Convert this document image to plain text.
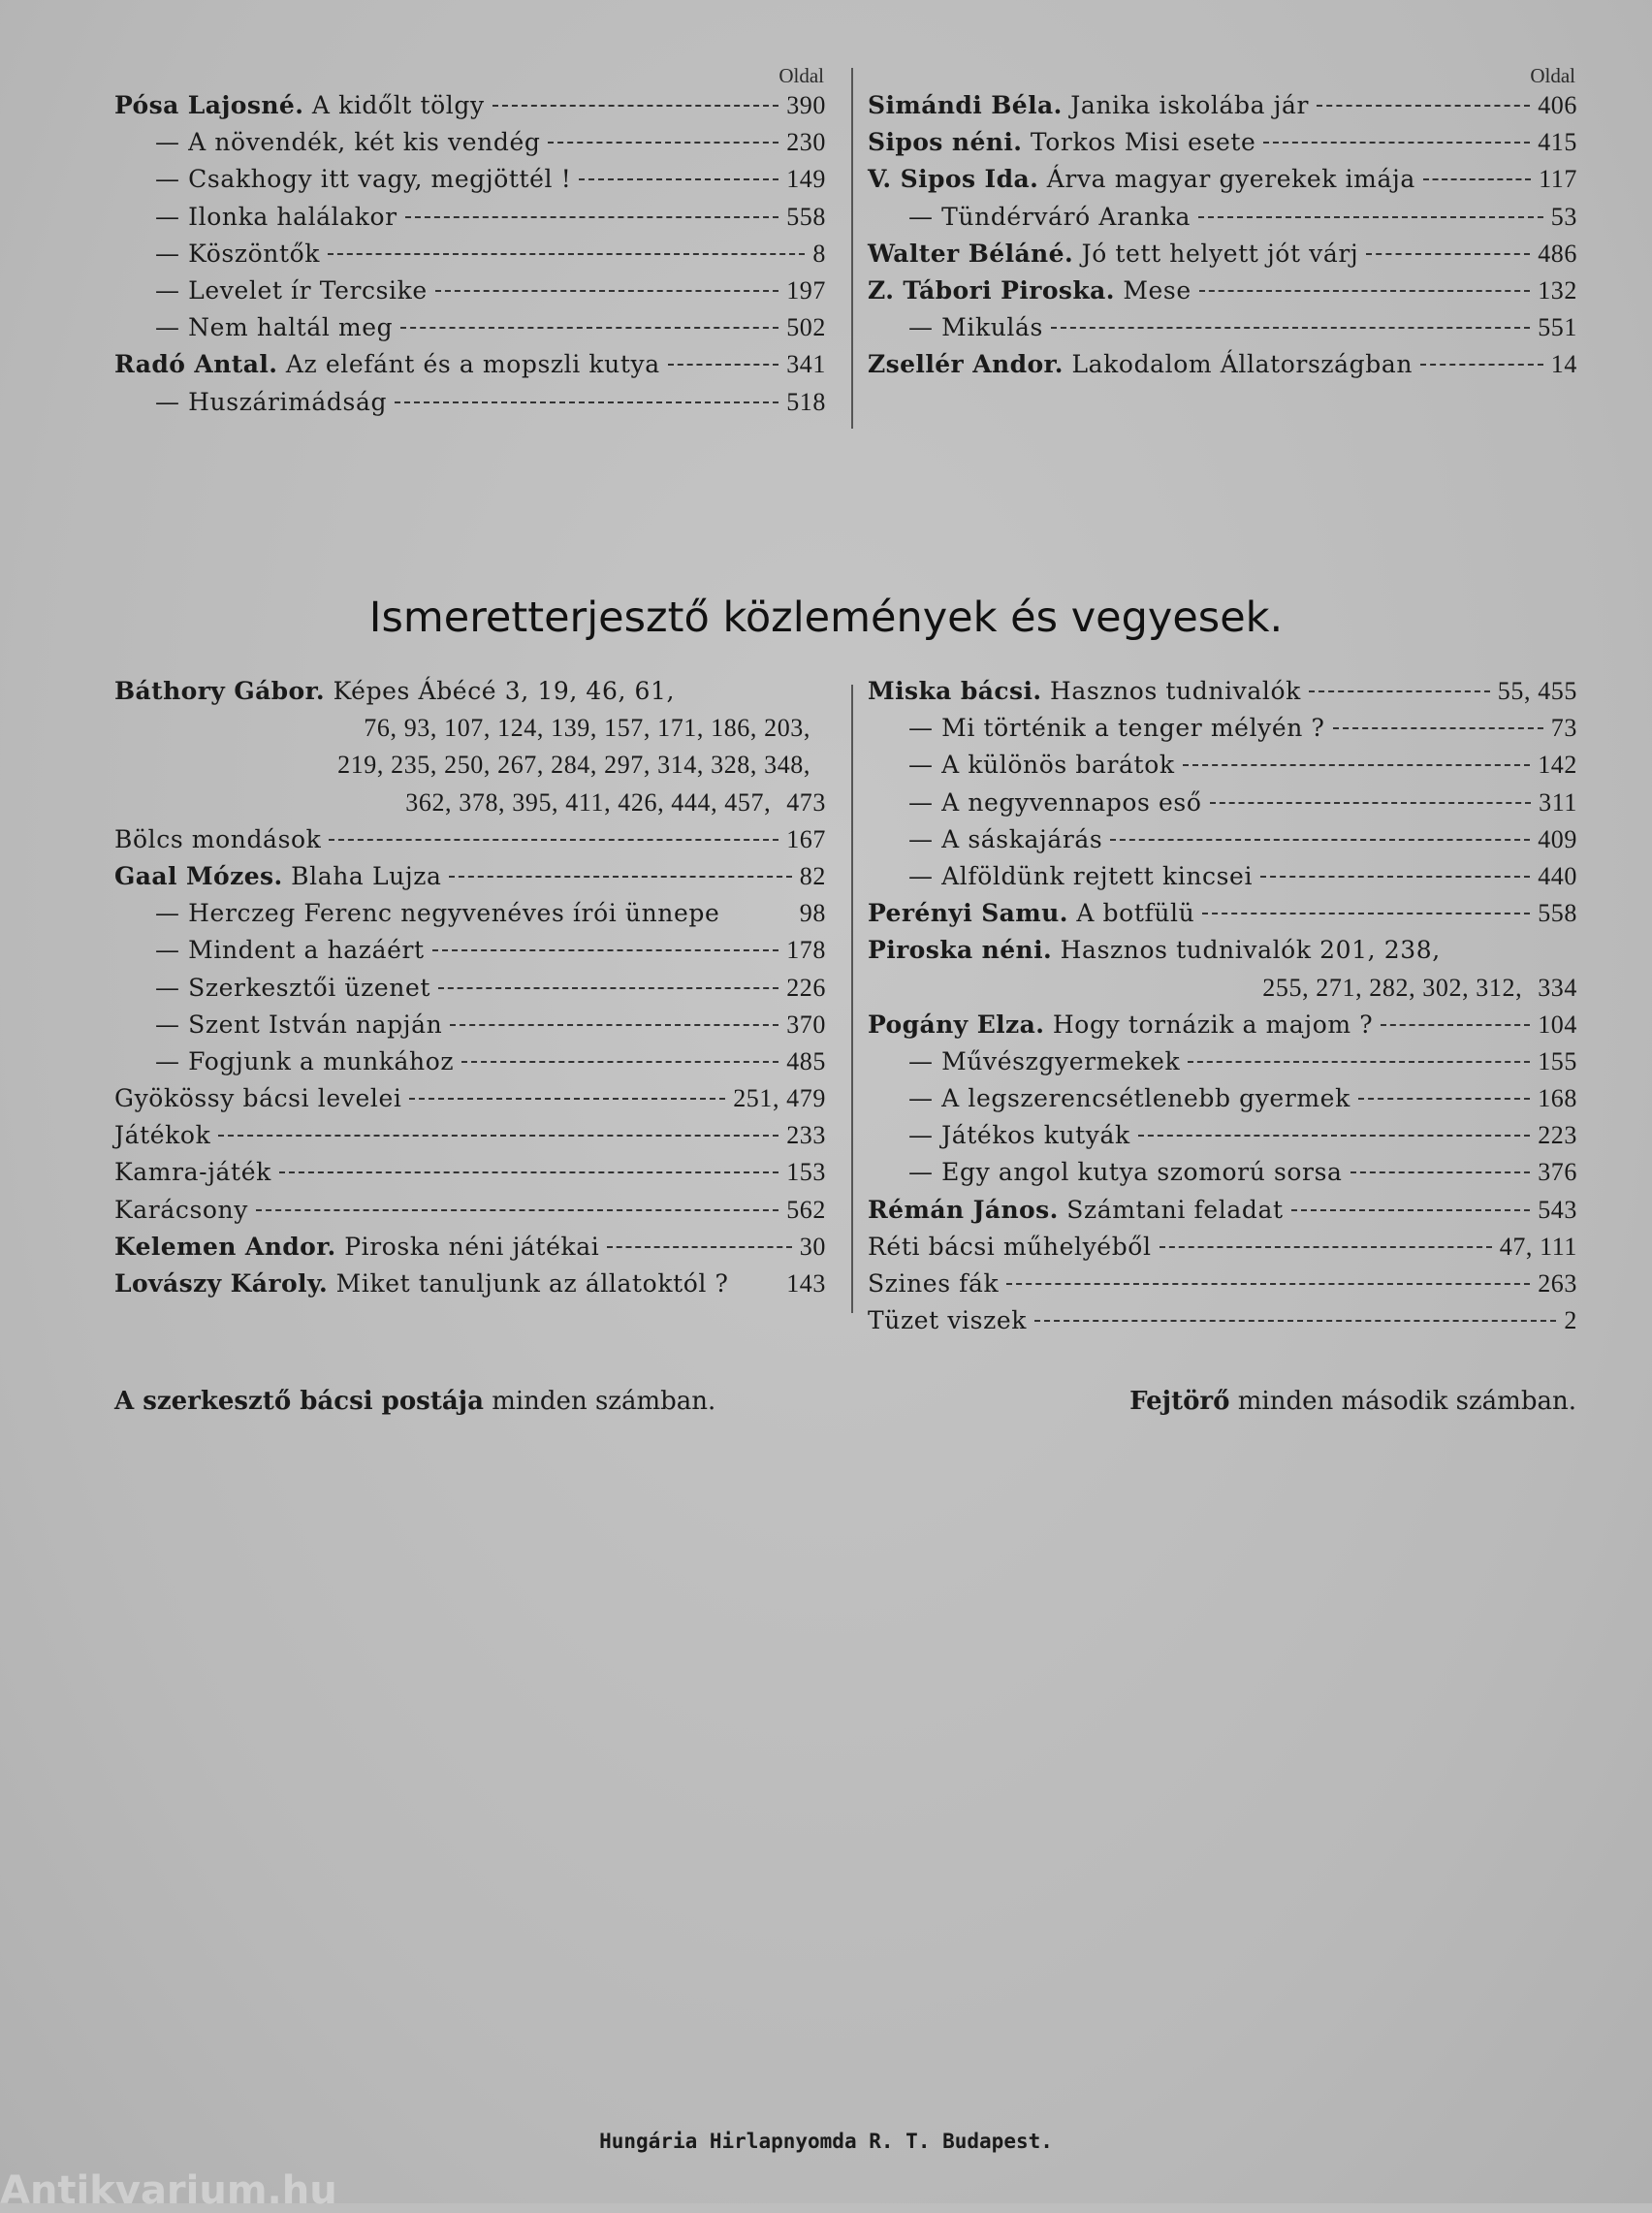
Oldal
Pósa Lajosné. A kidőlt tölgy	390
— A növendék, két kis vendég	230
— Csakhogy itt vagy, megjöttél !	149
— Ilonka halálakor	558
— Köszöntők	8
— Levelet ír Tercsike	197
— Nem haltál meg	502
Radó Antal. Az elefánt és a mopszli kutya	341
— Huszárimádság	518
Oldal
Simándi Béla. Janika iskolába jár	406
Sipos néni. Torkos Misi esete	415
V. Sipos Ida. Árva magyar gyerekek imája	117
— Tündérváró Aranka	53
Walter Béláné. Jó tett helyett jót várj	486
Z. Tábori Piroska. Mese	132
— Mikulás	551
Zsellér Andor. Lakodalom Állatországban	14
Ismeretterjesztő közlemények és vegyesek.
Báthory Gábor. Képes Ábécé 3, 19, 46, 61,
76, 93, 107, 124, 139, 157, 171, 186, 203,
219, 235, 250, 267, 284, 297, 314, 328, 348,
362, 378, 395, 411, 426, 444, 457, 473
Bölcs mondások	167
Gaal Mózes. Blaha Lujza	82
— Herczeg Ferenc negyvenéves írói ünnepe	98
— Mindent a hazáért	178
— Szerkesztői üzenet	226
— Szent István napján	370
— Fogjunk a munkához	485
Gyökössy bácsi levelei	251, 479
Játékok	233
Kamra-játék	153
Karácsony	562
Kelemen Andor. Piroska néni játékai	30
Lovászy Károly. Miket tanuljunk az állatoktól ? 143
Miska bácsi. Hasznos tudnivalók	55, 455
— Mi történik a tenger mélyén ?	73
— A különös barátok	142
— A negyvennapos eső	311
— A sáskajárás	409
— Alföldünk rejtett kincsei	440
Perényi Samu. A botfülü	558
Piroska néni. Hasznos tudnivalók 201, 238,
255, 271, 282, 302, 312, 334
Pogány Elza. Hogy tornázik a majom ?	104
— Művészgyermekek	155
— A legszerencsétlenebb gyermek	168
— Játékos kutyák	223
— Egy angol kutya szomorú sorsa	376
Rémán János. Számtani feladat	543
Réti bácsi műhelyéből	47, 111
Szines fák	263
Tüzet viszek	2
A szerkesztő bácsi postája minden számban.	Fejtörő minden második számban.
Hungária Hirlapnyomda R. T. Budapest.
Antikvarium.hu
